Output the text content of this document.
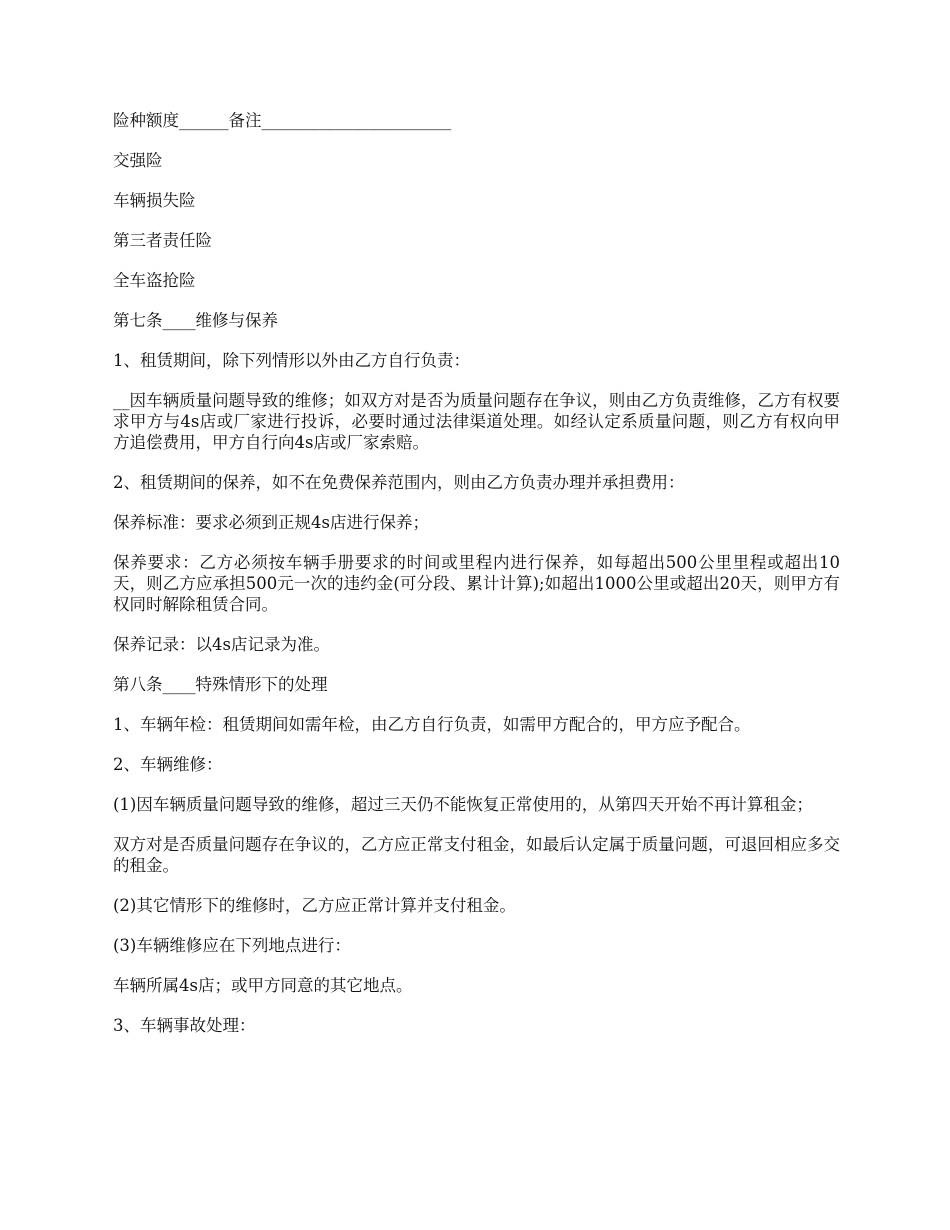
险种额度______备注_______________________

交强险

车辆损失险

第三者责任险

全车盗抢险

第七条____维修与保养

1、租赁期间，除下列情形以外由乙方自行负责：

__因车辆质量问题导致的维修；如双方对是否为质量问题存在争议，则由乙方负责维修，乙方有权要求甲方与4s店或厂家进行投诉，必要时通过法律渠道处理。如经认定系质量问题，则乙方有权向甲方追偿费用，甲方自行向4s店或厂家索赔。

2、租赁期间的保养，如不在免费保养范围内，则由乙方负责办理并承担费用：

保养标准：要求必须到正规4s店进行保养；

保养要求：乙方必须按车辆手册要求的时间或里程内进行保养，如每超出500公里里程或超出10天，则乙方应承担500元一次的违约金(可分段、累计计算);如超出1000公里或超出20天，则甲方有权同时解除租赁合同。

保养记录：以4s店记录为准。

第八条____特殊情形下的处理

1、车辆年检：租赁期间如需年检，由乙方自行负责，如需甲方配合的，甲方应予配合。

2、车辆维修：

(1)因车辆质量问题导致的维修，超过三天仍不能恢复正常使用的，从第四天开始不再计算租金；

双方对是否质量问题存在争议的，乙方应正常支付租金，如最后认定属于质量问题，可退回相应多交的租金。

(2)其它情形下的维修时，乙方应正常计算并支付租金。

(3)车辆维修应在下列地点进行：

车辆所属4s店；或甲方同意的其它地点。

3、车辆事故处理：
